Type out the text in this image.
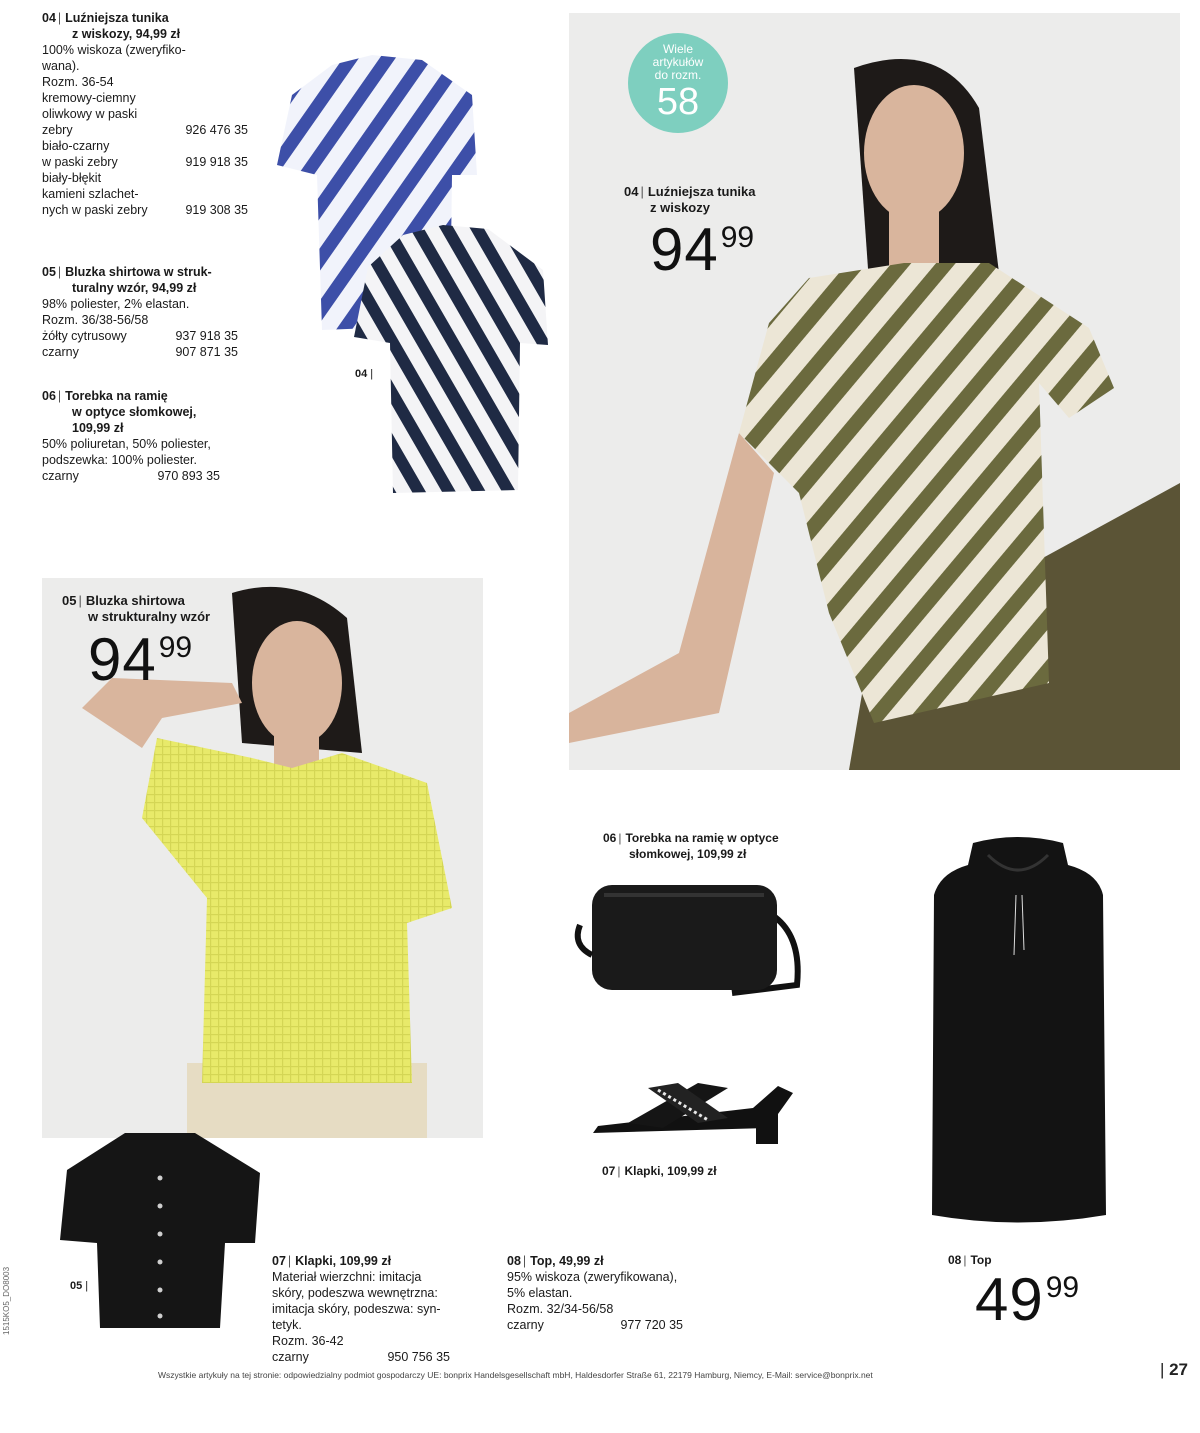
04 | Luźniejsza tunika
z wiskozy, 94,99 zł
100% wiskoza (zweryfiko-
wana).
Rozm. 36-54
kremowy-ciemny
oliwkowy w paski
zebry	926 476 35
biało-czarny
w paski zebry	919 918 35
biały-błękit
kamieni szlachet-
nych w paski zebry	919 308 35
05 | Bluzka shirtowa w struk-
turalny wzór, 94,99 zł
98% poliester, 2% elastan.
Rozm. 36/38-56/58
żółty cytrusowy	937 918 35
czarny	907 871 35
06 | Torebka na ramię
w optyce słomkowej,
109,99 zł
50% poliuretan, 50% poliester,
podszewka: 100% poliester.
czarny	970 893 35
04 |
Wiele
artykułów
do rozm.
58
04 | Luźniejsza tunika
z wiskozy
9499
05 | Bluzka shirtowa
w strukturalny wzór
9499
05 |
06 | Torebka na ramię w optyce
słomkowej, 109,99 zł
07 | Klapki, 109,99 zł
08 | Top
4999
07 | Klapki, 109,99 zł
Materiał wierzchni: imitacja
skóry, podeszwa wewnętrzna:
imitacja skóry, podeszwa: syn-
tetyk.
Rozm. 36-42
czarny	950 756 35
08 | Top, 49,99 zł
95% wiskoza (zweryfikowana),
5% elastan.
Rozm. 32/34-56/58
czarny	977 720 35
Wszystkie artykuły na tej stronie: odpowiedzialny podmiot gospodarczy UE: bonprix Handelsgesellschaft mbH, Haldesdorfer Straße 61, 22179 Hamburg, Niemcy, E-Mail: service@bonprix.net
|	27
1515KO5_DO8003
